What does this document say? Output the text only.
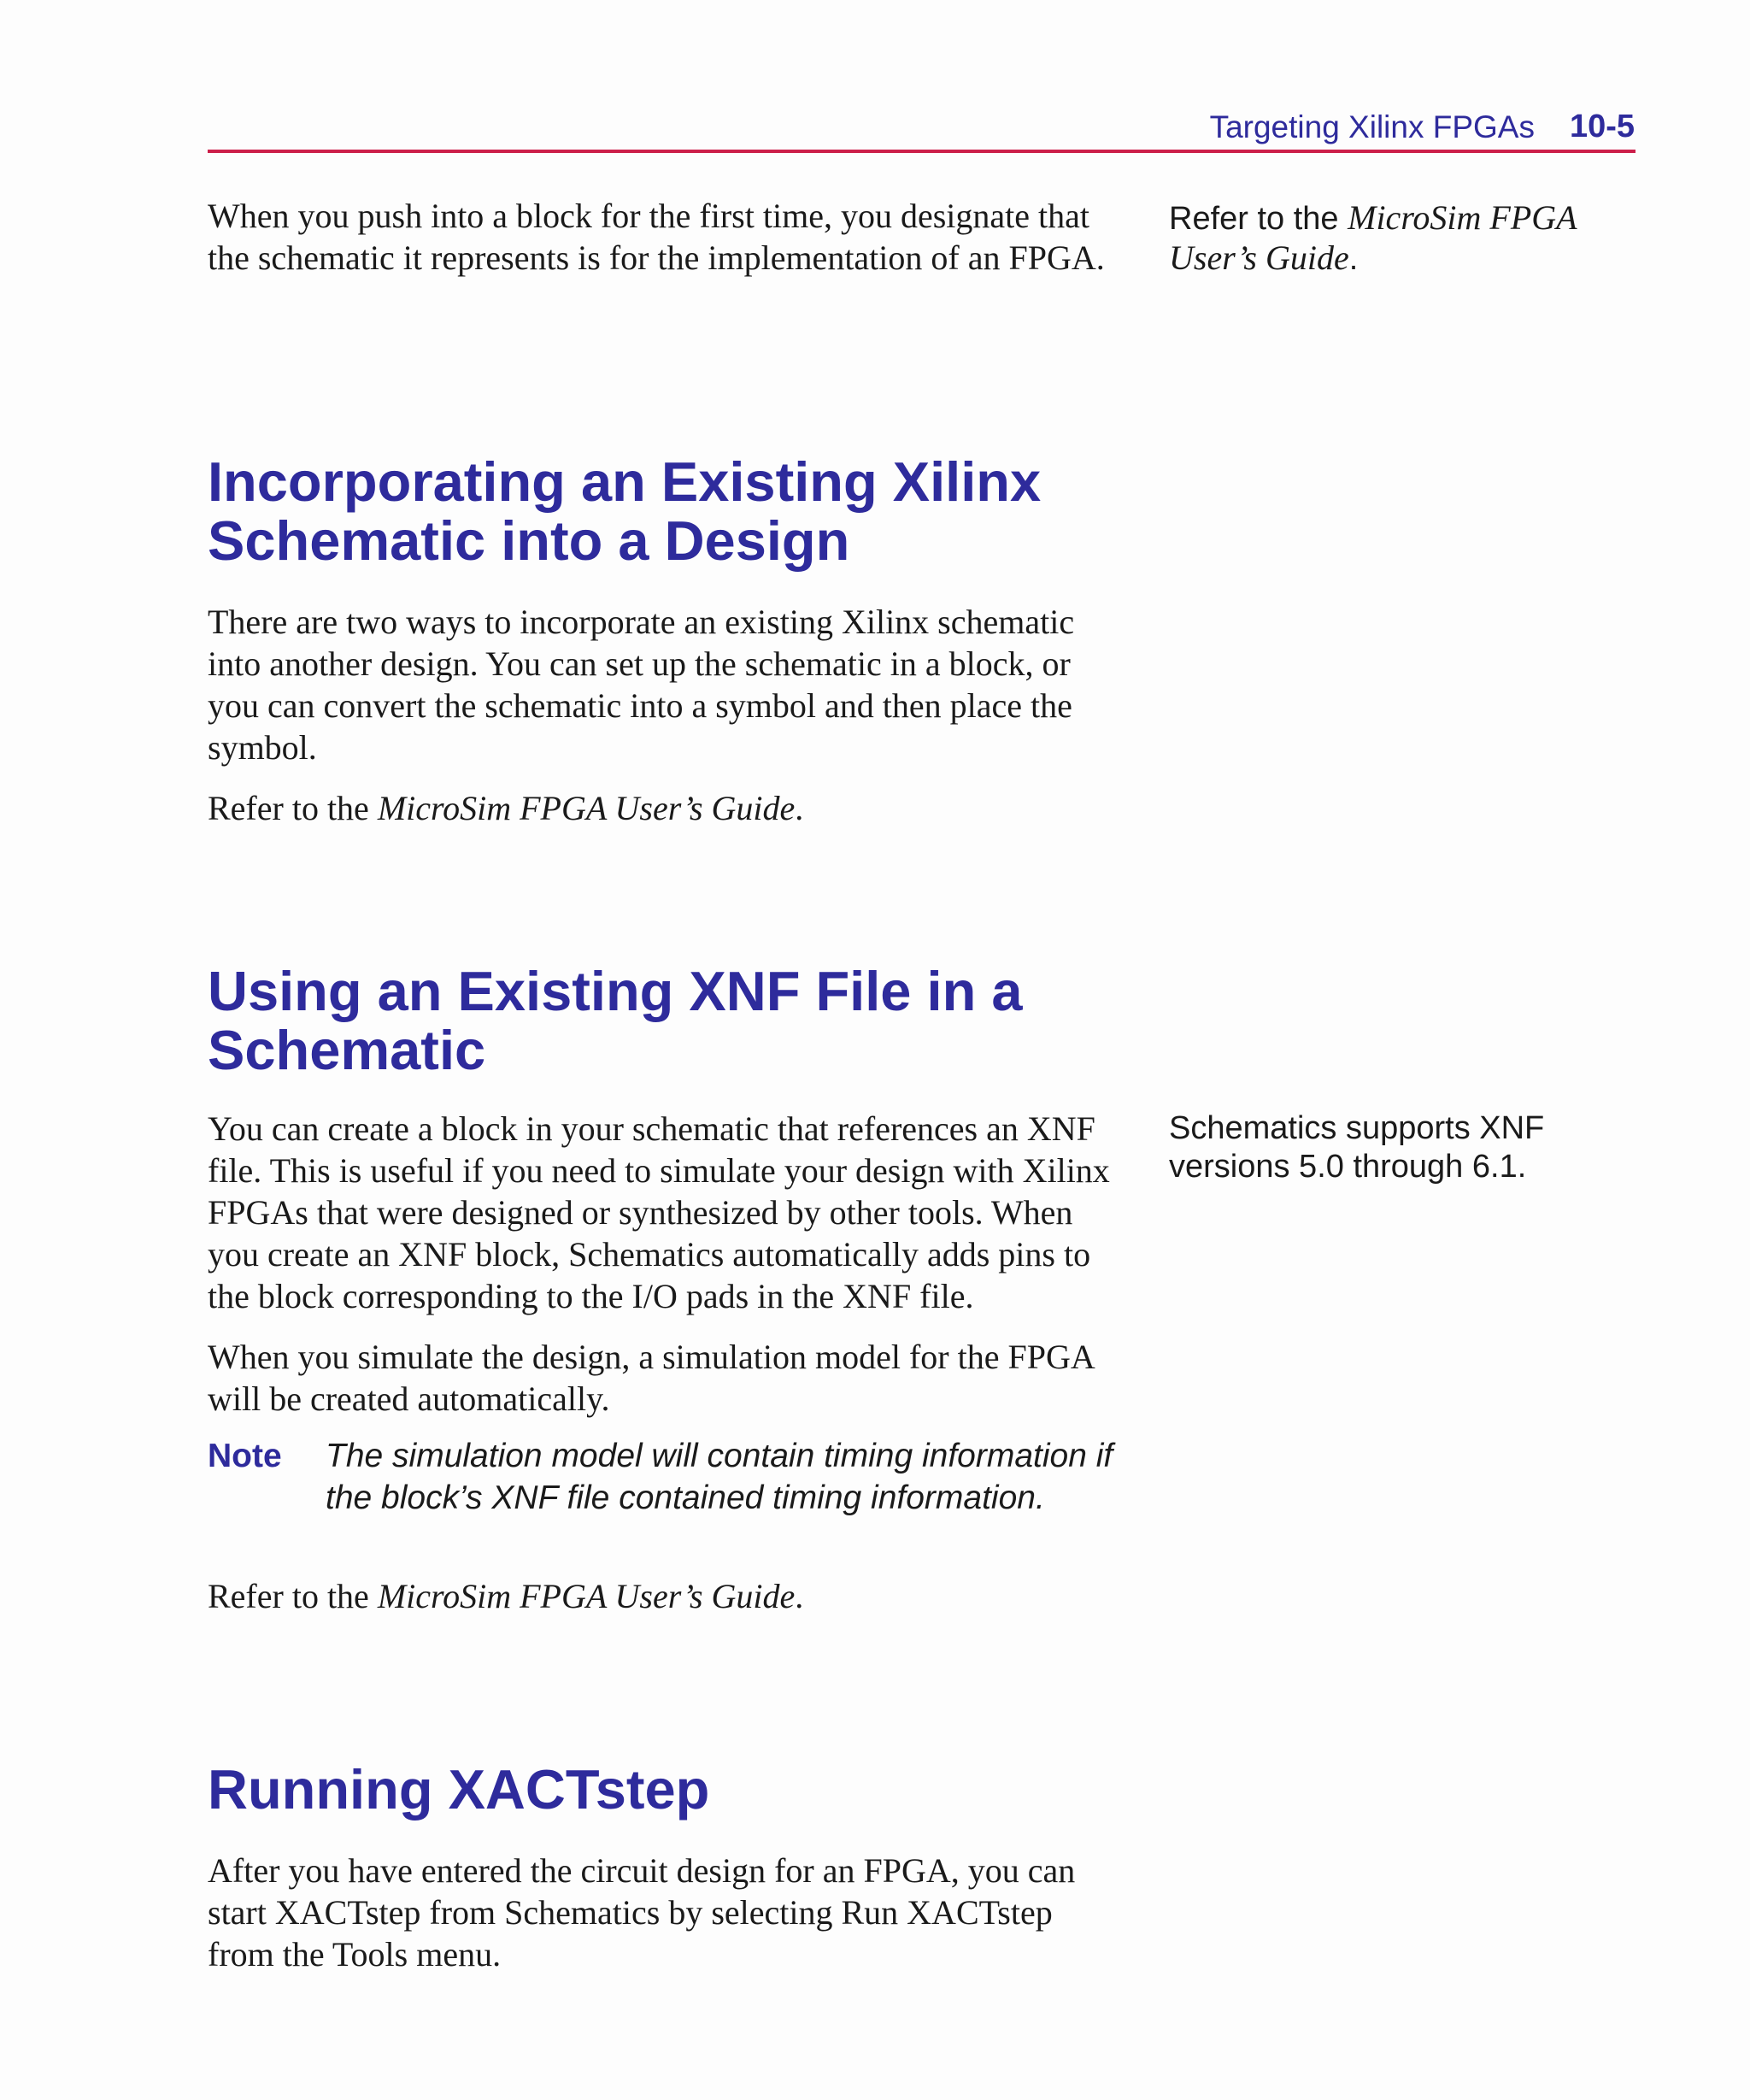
Targeting Xilinx FPGAs 10-5

When you push into a block for the first time, you designate that the schematic it represents is for the implementation of an FPGA.

Refer to the MicroSim FPGA User’s Guide.

Incorporating an Existing Xilinx Schematic into a Design

There are two ways to incorporate an existing Xilinx schematic into another design. You can set up the schematic in a block, or you can convert the schematic into a symbol and then place the symbol.

Refer to the MicroSim FPGA User’s Guide.

Using an Existing XNF File in a Schematic

You can create a block in your schematic that references an XNF file. This is useful if you need to simulate your design with Xilinx FPGAs that were designed or synthesized by other tools. When you create an XNF block, Schematics automatically adds pins to the block corresponding to the I/O pads in the XNF file.

When you simulate the design, a simulation model for the FPGA will be created automatically.

Note The simulation model will contain timing information if the block’s XNF file contained timing information.

Refer to the MicroSim FPGA User’s Guide.

Schematics supports XNF versions 5.0 through 6.1.

Running XACTstep

After you have entered the circuit design for an FPGA, you can start XACTstep from Schematics by selecting Run XACTstep from the Tools menu.
